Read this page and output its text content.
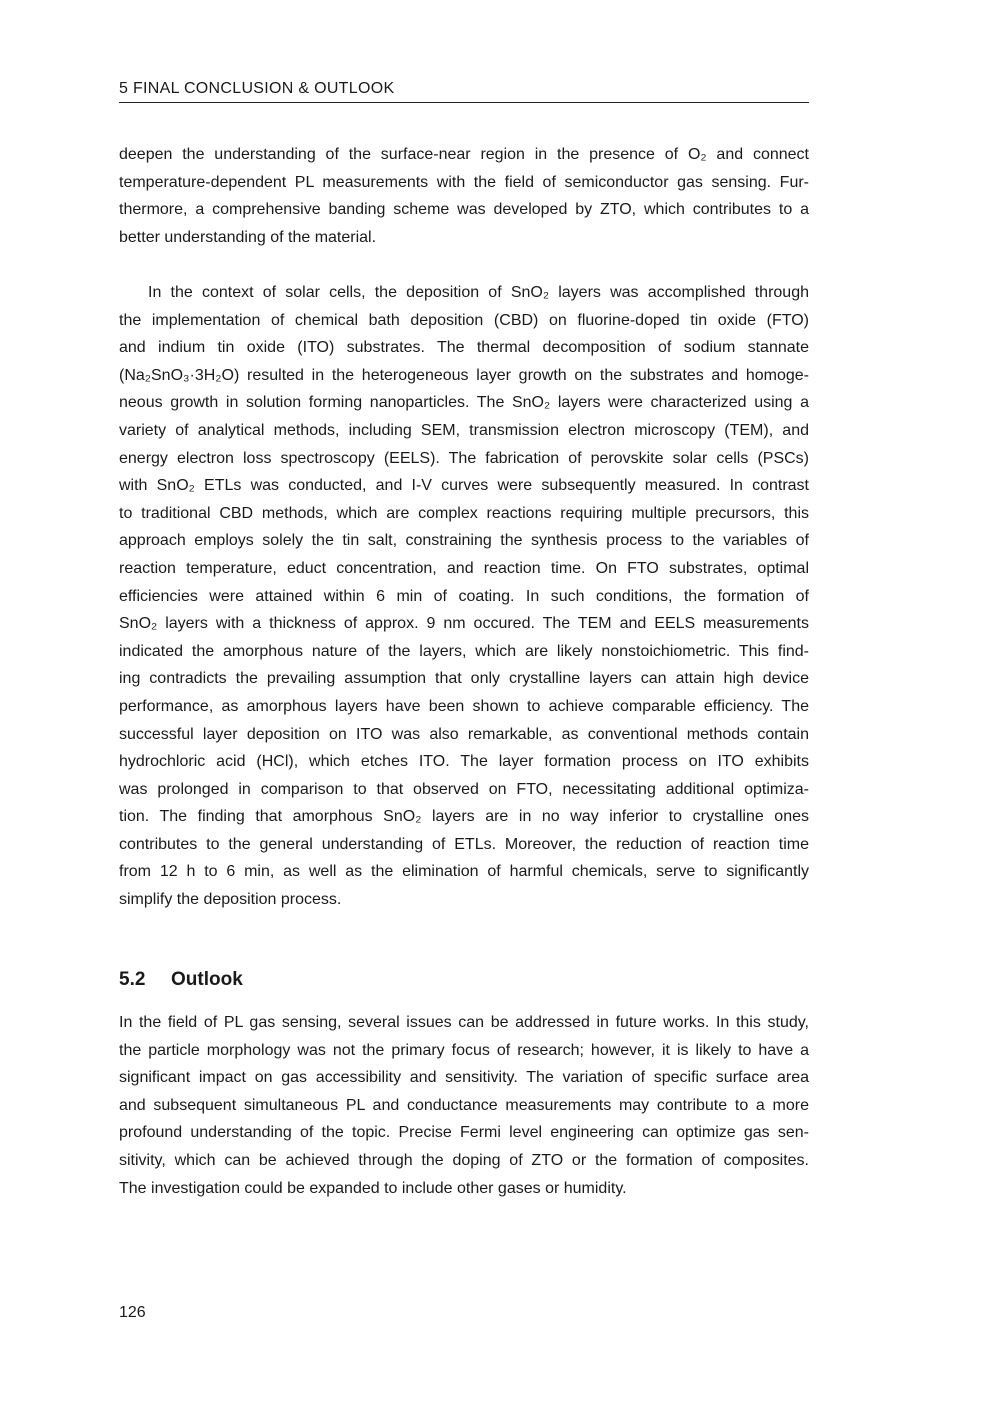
5 FINAL CONCLUSION & OUTLOOK
deepen the understanding of the surface-near region in the presence of O₂ and connect
temperature-dependent PL measurements with the field of semiconductor gas sensing. Fur-
thermore, a comprehensive banding scheme was developed by ZTO, which contributes to a
better understanding of the material.
In the context of solar cells, the deposition of SnO₂ layers was accomplished through
the implementation of chemical bath deposition (CBD) on fluorine-doped tin oxide (FTO)
and indium tin oxide (ITO) substrates. The thermal decomposition of sodium stannate
(Na₂SnO₃·3H₂O) resulted in the heterogeneous layer growth on the substrates and homoge-
neous growth in solution forming nanoparticles. The SnO₂ layers were characterized using a
variety of analytical methods, including SEM, transmission electron microscopy (TEM), and
energy electron loss spectroscopy (EELS). The fabrication of perovskite solar cells (PSCs)
with SnO₂ ETLs was conducted, and I-V curves were subsequently measured. In contrast
to traditional CBD methods, which are complex reactions requiring multiple precursors, this
approach employs solely the tin salt, constraining the synthesis process to the variables of
reaction temperature, educt concentration, and reaction time. On FTO substrates, optimal
efficiencies were attained within 6 min of coating. In such conditions, the formation of
SnO₂ layers with a thickness of approx. 9 nm occured. The TEM and EELS measurements
indicated the amorphous nature of the layers, which are likely nonstoichiometric. This find-
ing contradicts the prevailing assumption that only crystalline layers can attain high device
performance, as amorphous layers have been shown to achieve comparable efficiency. The
successful layer deposition on ITO was also remarkable, as conventional methods contain
hydrochloric acid (HCl), which etches ITO. The layer formation process on ITO exhibits
was prolonged in comparison to that observed on FTO, necessitating additional optimiza-
tion. The finding that amorphous SnO₂ layers are in no way inferior to crystalline ones
contributes to the general understanding of ETLs. Moreover, the reduction of reaction time
from 12 h to 6 min, as well as the elimination of harmful chemicals, serve to significantly
simplify the deposition process.
5.2 Outlook
In the field of PL gas sensing, several issues can be addressed in future works. In this study,
the particle morphology was not the primary focus of research; however, it is likely to have a
significant impact on gas accessibility and sensitivity. The variation of specific surface area
and subsequent simultaneous PL and conductance measurements may contribute to a more
profound understanding of the topic. Precise Fermi level engineering can optimize gas sen-
sitivity, which can be achieved through the doping of ZTO or the formation of composites.
The investigation could be expanded to include other gases or humidity.
126
